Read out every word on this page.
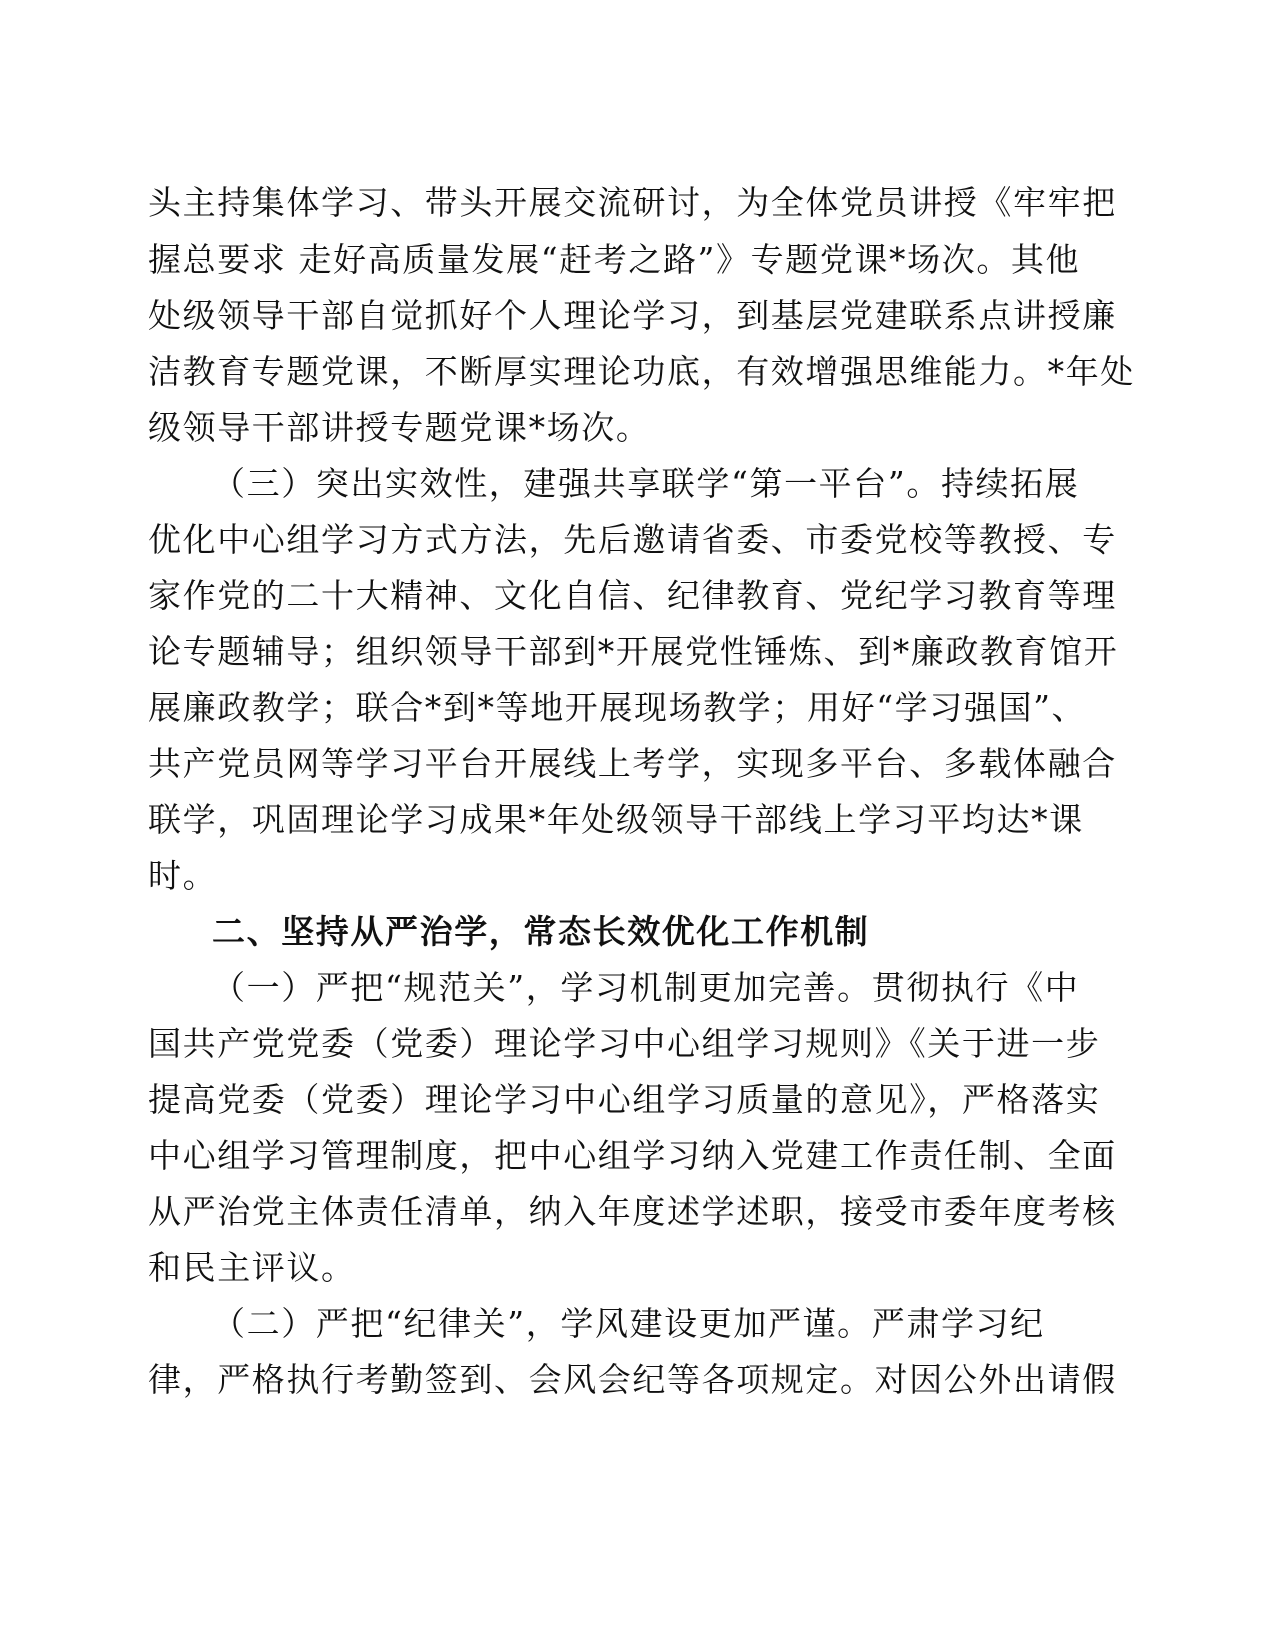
头主持集体学习、带头开展交流研讨，为全体党员讲授《牢牢把
握总要求 走好高质量发展“赶考之路”》专题党课*场次。其他
处级领导干部自觉抓好个人理论学习，到基层党建联系点讲授廉
洁教育专题党课，不断厚实理论功底，有效增强思维能力。*年处
级领导干部讲授专题党课*场次。
（三）突出实效性，建强共享联学“第一平台”。持续拓展
优化中心组学习方式方法，先后邀请省委、市委党校等教授、专
家作党的二十大精神、文化自信、纪律教育、党纪学习教育等理
论专题辅导；组织领导干部到*开展党性锤炼、到*廉政教育馆开
展廉政教学；联合*到*等地开展现场教学；用好“学习强国”、
共产党员网等学习平台开展线上考学，实现多平台、多载体融合
联学，巩固理论学习成果*年处级领导干部线上学习平均达*课
时。
二、坚持从严治学，常态长效优化工作机制
（一）严把“规范关”，学习机制更加完善。贯彻执行《中
国共产党党委（党委）理论学习中心组学习规则》《关于进一步
提高党委（党委）理论学习中心组学习质量的意见》，严格落实
中心组学习管理制度，把中心组学习纳入党建工作责任制、全面
从严治党主体责任清单，纳入年度述学述职，接受市委年度考核
和民主评议。
（二）严把“纪律关”，学风建设更加严谨。严肃学习纪
律，严格执行考勤签到、会风会纪等各项规定。对因公外出请假
